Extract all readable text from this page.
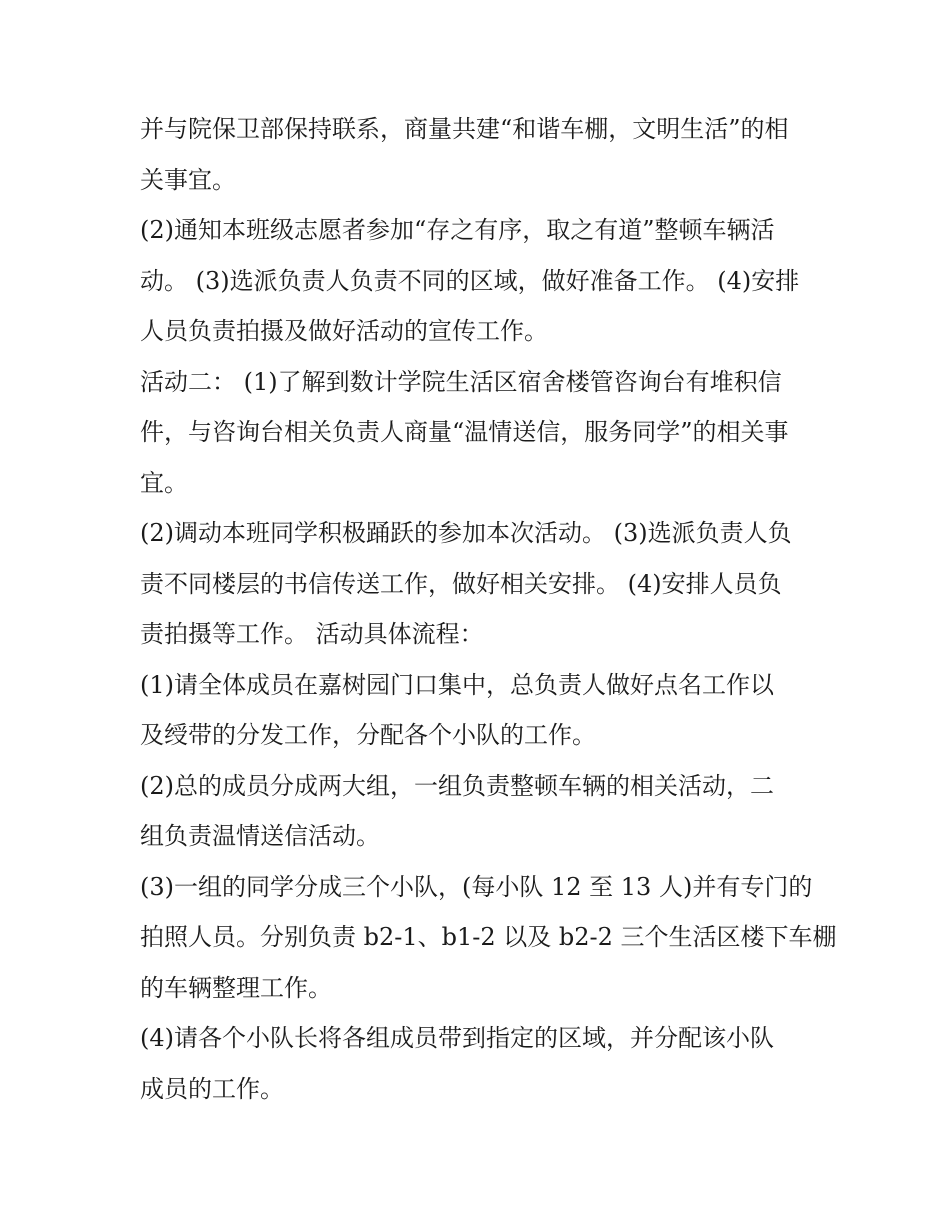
并与院保卫部保持联系，商量共建“和谐车棚，文明生活”的相

关事宜。

(2)通知本班级志愿者参加“存之有序，取之有道”整顿车辆活

动。 (3)选派负责人负责不同的区域，做好准备工作。 (4)安排

人员负责拍摄及做好活动的宣传工作。

活动二： (1)了解到数计学院生活区宿舍楼管咨询台有堆积信

件，与咨询台相关负责人商量“温情送信，服务同学”的相关事

宜。

(2)调动本班同学积极踊跃的参加本次活动。 (3)选派负责人负

责不同楼层的书信传送工作，做好相关安排。 (4)安排人员负

责拍摄等工作。 活动具体流程：

(1)请全体成员在嘉树园门口集中，总负责人做好点名工作以

及绶带的分发工作，分配各个小队的工作。

(2)总的成员分成两大组，一组负责整顿车辆的相关活动，二

组负责温情送信活动。

(3)一组的同学分成三个小队，(每小队 12 至 13 人)并有专门的

拍照人员。分别负责 b2-1、b1-2 以及 b2-2 三个生活区楼下车棚

的车辆整理工作。

(4)请各个小队长将各组成员带到指定的区域，并分配该小队

成员的工作。
